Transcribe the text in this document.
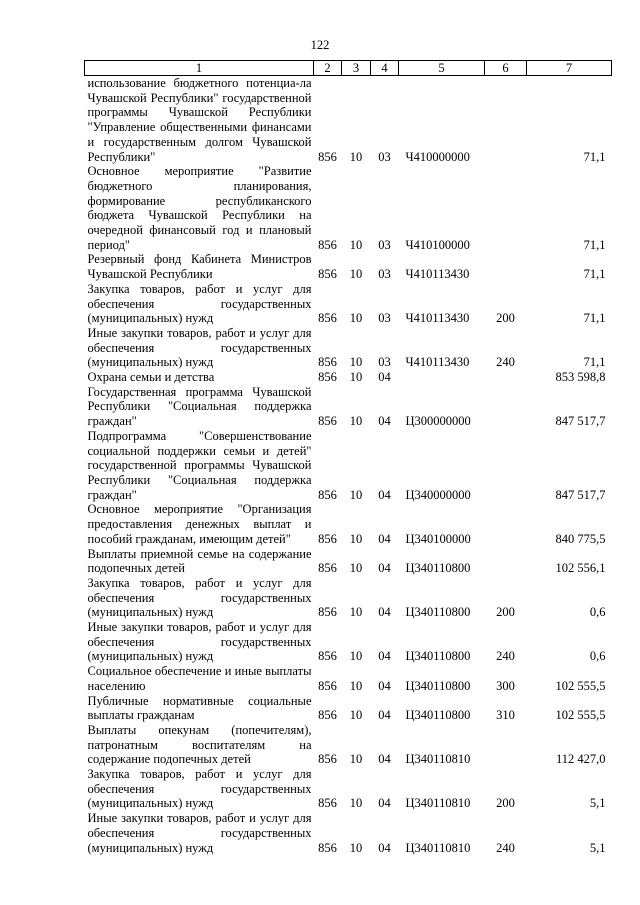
122
1	2	3	4	5	6	7
использование бюджетного потенциа-ла Чувашской Республики" государственной программы Чувашской Республики "Управление общественными финансами и государственным долгом Чувашской Республики"	856	10	03	Ч410000000		71,1
Основное мероприятие "Развитие бюджетного планирования, формирование республиканского бюджета Чувашской Республики на очередной финансовый год и плановый период"	856	10	03	Ч410100000		71,1
Резервный фонд Кабинета Министров Чувашской Республики	856	10	03	Ч410113430		71,1
Закупка товаров, работ и услуг для обеспечения государственных (муниципальных) нужд	856	10	03	Ч410113430	200	71,1
Иные закупки товаров, работ и услуг для обеспечения государственных (муниципальных) нужд	856	10	03	Ч410113430	240	71,1
Охрана семьи и детства	856	10	04			853 598,8
Государственная программа Чувашской Республики "Социальная поддержка граждан"	856	10	04	Ц300000000		847 517,7
Подпрограмма "Совершенствование социальной поддержки семьи и детей" государственной программы Чувашской Республики "Социальная поддержка граждан"	856	10	04	Ц340000000		847 517,7
Основное мероприятие "Организация предоставления денежных выплат и пособий гражданам, имеющим детей"	856	10	04	Ц340100000		840 775,5
Выплаты приемной семье на содержание подопечных детей	856	10	04	Ц340110800		102 556,1
Закупка товаров, работ и услуг для обеспечения государственных (муниципальных) нужд	856	10	04	Ц340110800	200	0,6
Иные закупки товаров, работ и услуг для обеспечения государственных (муниципальных) нужд	856	10	04	Ц340110800	240	0,6
Социальное обеспечение и иные выплаты населению	856	10	04	Ц340110800	300	102 555,5
Публичные нормативные социальные выплаты гражданам	856	10	04	Ц340110800	310	102 555,5
Выплаты опекунам (попечителям), патронатным воспитателям на содержание подопечных детей	856	10	04	Ц340110810		112 427,0
Закупка товаров, работ и услуг для обеспечения государственных (муниципальных) нужд	856	10	04	Ц340110810	200	5,1
Иные закупки товаров, работ и услуг для обеспечения государственных (муниципальных) нужд	856	10	04	Ц340110810	240	5,1
